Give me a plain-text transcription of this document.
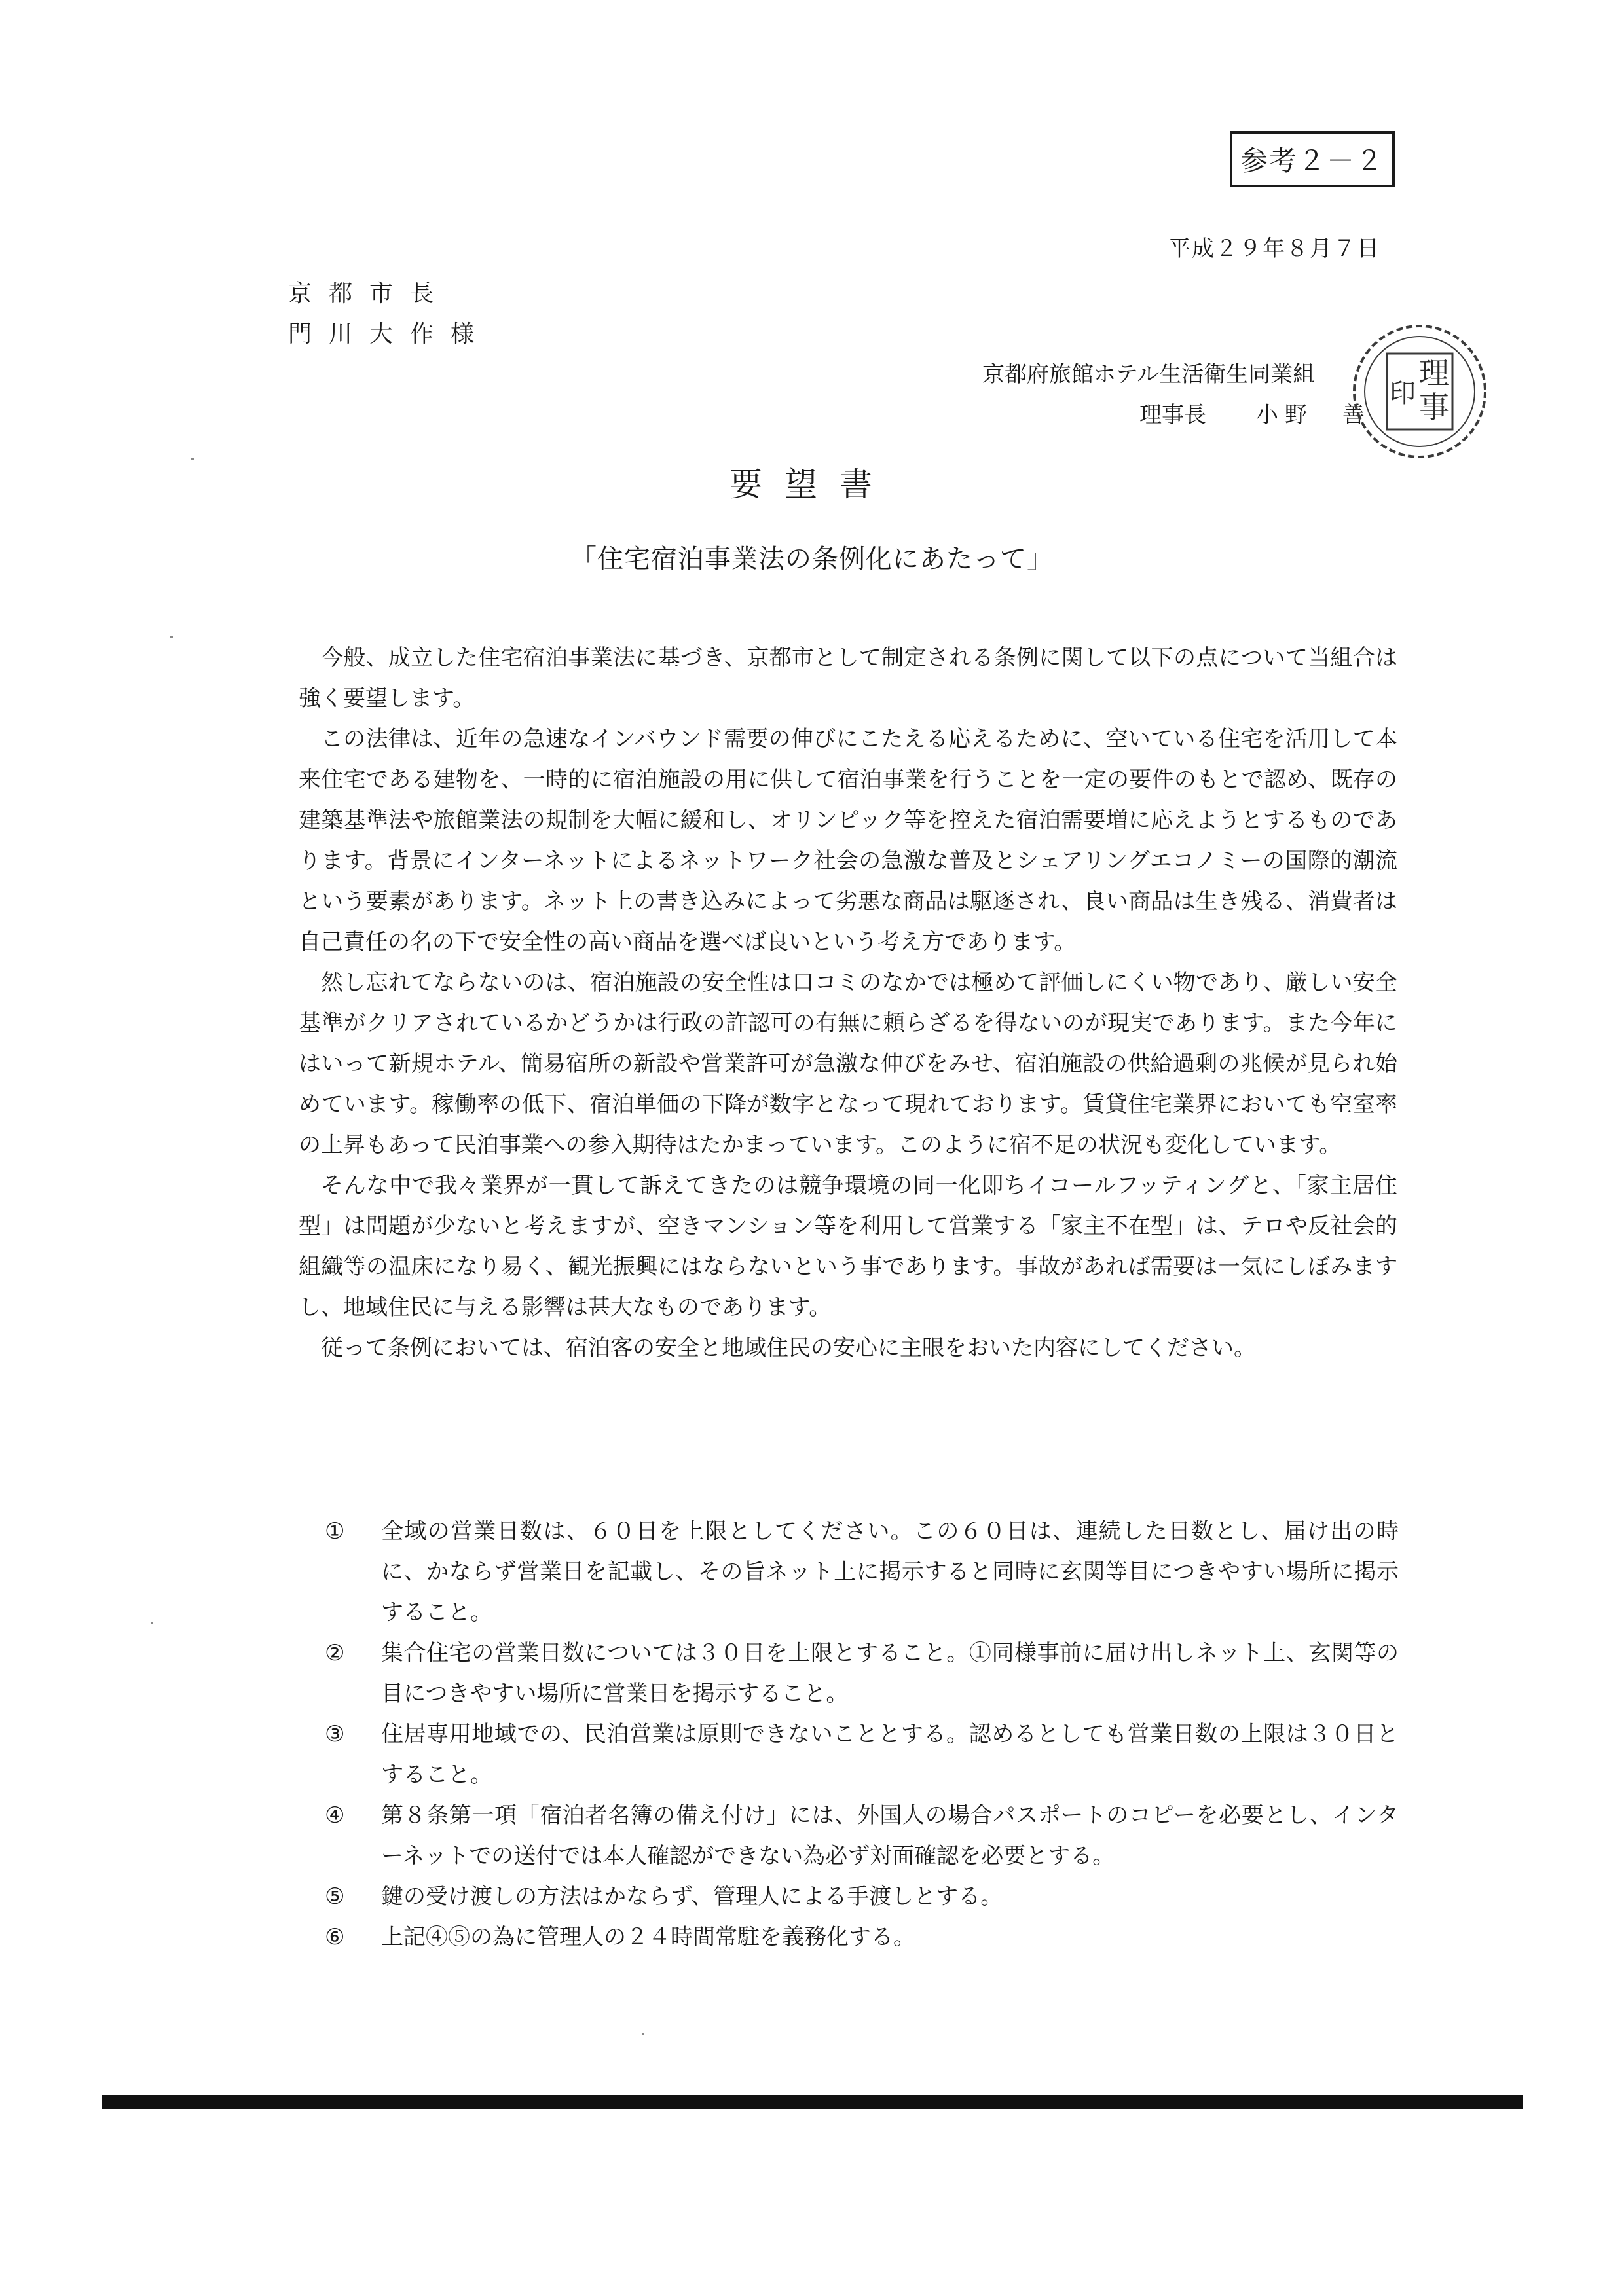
参考２－２
平成２９年８月７日
京都市長
門川大作様
京都府旅館ホテル生活衛生同業組
理事長 小野　善
理
事
印
要望書
「住宅宿泊事業法の条例化にあたって」

今般、成立した住宅宿泊事業法に基づき、京都市として制定される条例に関して以下の点について当組合は強く要望します。

この法律は、近年の急速なインバウンド需要の伸びにこたえる応えるために、空いている住宅を活用して本来住宅である建物を、一時的に宿泊施設の用に供して宿泊事業を行うことを一定の要件のもとで認め、既存の建築基準法や旅館業法の規制を大幅に緩和し、オリンピック等を控えた宿泊需要増に応えようとするものであります。背景にインターネットによるネットワーク社会の急激な普及とシェアリングエコノミーの国際的潮流という要素があります。ネット上の書き込みによって劣悪な商品は駆逐され、良い商品は生き残る、消費者は自己責任の名の下で安全性の高い商品を選べば良いという考え方であります。

然し忘れてならないのは、宿泊施設の安全性は口コミのなかでは極めて評価しにくい物であり、厳しい安全基準がクリアされているかどうかは行政の許認可の有無に頼らざるを得ないのが現実であります。また今年にはいって新規ホテル、簡易宿所の新設や営業許可が急激な伸びをみせ、宿泊施設の供給過剰の兆候が見られ始めています。稼働率の低下、宿泊単価の下降が数字となって現れております。賃貸住宅業界においても空室率の上昇もあって民泊事業への参入期待はたかまっています。このように宿不足の状況も変化しています。

そんな中で我々業界が一貫して訴えてきたのは競争環境の同一化即ちイコールフッティングと、「家主居住型」は問題が少ないと考えますが、空きマンション等を利用して営業する「家主不在型」は、テロや反社会的組織等の温床になり易く、観光振興にはならないという事であります。事故があれば需要は一気にしぼみますし、地域住民に与える影響は甚大なものであります。

従って条例においては、宿泊客の安全と地域住民の安心に主眼をおいた内容にしてください。

①	全域の営業日数は、６０日を上限としてください。この６０日は、連続した日数とし、届け出の時に、かならず営業日を記載し、その旨ネット上に掲示すると同時に玄関等目につきやすい場所に掲示すること。
②	集合住宅の営業日数については３０日を上限とすること。①同様事前に届け出しネット上、玄関等の目につきやすい場所に営業日を掲示すること。
③	住居専用地域での、民泊営業は原則できないこととする。認めるとしても営業日数の上限は３０日とすること。
④	第８条第一項「宿泊者名簿の備え付け」には、外国人の場合パスポートのコピーを必要とし、インターネットでの送付では本人確認ができない為必ず対面確認を必要とする。
⑤	鍵の受け渡しの方法はかならず、管理人による手渡しとする。
⑥	上記④⑤の為に管理人の２４時間常駐を義務化する。
